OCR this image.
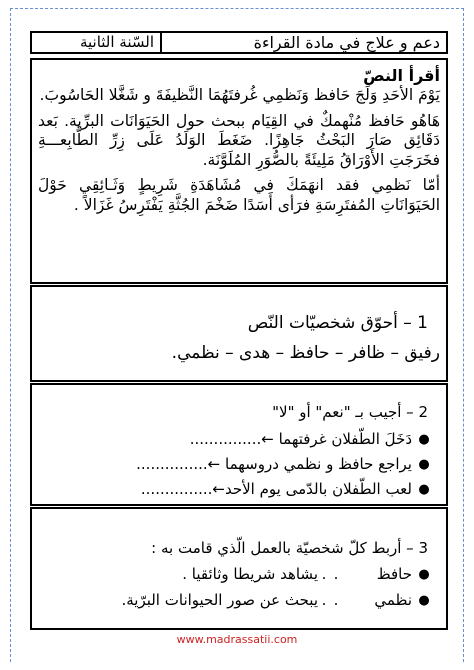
دعم و علاج في مادة القراءة
السّنة الثانية
أقرأ النصّ

يَوْمَ الأحَدِ وَلَجَ حَافظ وَنَظمِي غُرفتَهُمَا النَّظيفَةَ و شَغَّلا الحَاسُوبَ.

هَاهُو حَافظ مُنْهمكٌ في القِيَام ببحث حول الحَيَوَانَات البرِّية. بَعد دَقَائِق صَارَ البَحْثُ جَاهِزًا. ضَغَطَ الوَلَدُ عَلَى زِرِّ الطَّابِعـــةِ فخَرَجَتِ الأَوْرَاقُ مَلِيئَةً بالصُّوَرِ المُلَوَّنَة.

أمّا نَظمِي فقد انهَمَكَ في مُشَاهَدَةِ شَرِيطٍ وَثَـائِقِي حَوْلَ الحَيَوَانَاتِ المُفتَرِسَةِ فرَأى أَسَدًا ضَخْمَ الجُثَّةِ يَفْتَرِسُ غَزَالاً .

1 – أحوّق شخصيّات النّص
رفيق – ظافر – حافظ – هدى – نظمي.
2 – أجيب بـ "نعم" أو "لا"
●
دَخَلَ الطّفلان غرفتهما ←...............
●
يراجع حافظ و نظمي دروسهما ←...............
●
لعب الطّفلان بالدّمى يوم الأحد←...............
3 – أربط كلّ شخصيّة بالعمل الّذي قامت به :
●
حافظ
.
.
يشاهد شريطا وثائقيا .
●
نظمي
.
.
يبحث عن صور الحيوانات البرّية.
www.madrassatii.com
